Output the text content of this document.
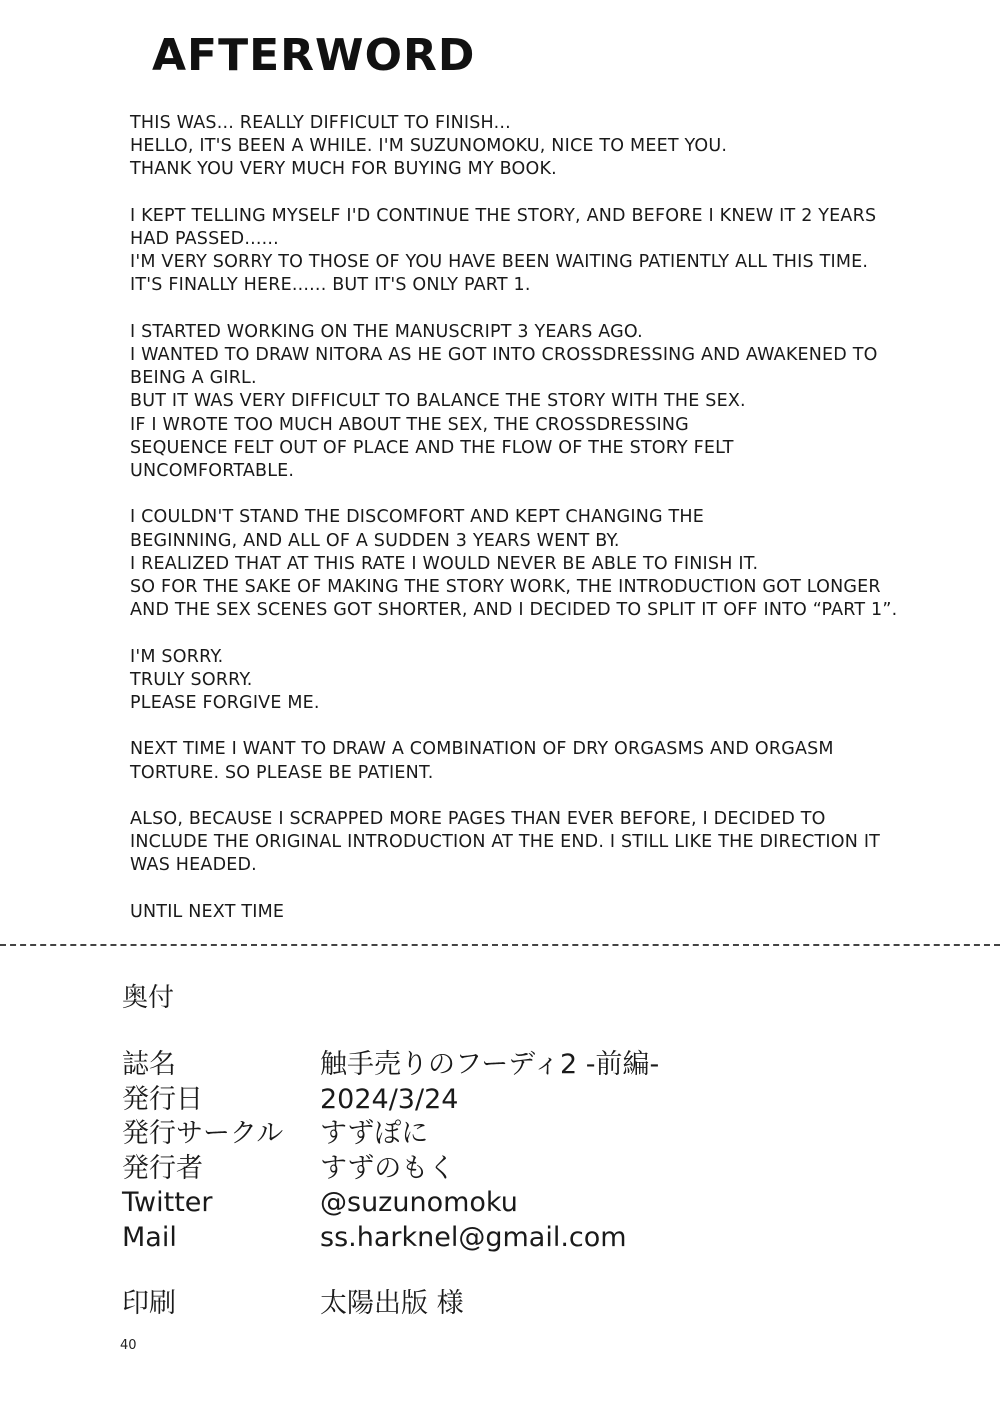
AFTERWORD

THIS WAS... REALLY DIFFICULT TO FINISH...
HELLO, IT'S BEEN A WHILE. I'M SUZUNOMOKU, NICE TO MEET YOU.
THANK YOU VERY MUCH FOR BUYING MY BOOK.

I KEPT TELLING MYSELF I'D CONTINUE THE STORY, AND BEFORE I KNEW IT 2 YEARS
HAD PASSED......
I'M VERY SORRY TO THOSE OF YOU HAVE BEEN WAITING PATIENTLY ALL THIS TIME.
IT'S FINALLY HERE...... BUT IT'S ONLY PART 1.

I STARTED WORKING ON THE MANUSCRIPT 3 YEARS AGO.
I WANTED TO DRAW NITORA AS HE GOT INTO CROSSDRESSING AND AWAKENED TO
BEING A GIRL.
BUT IT WAS VERY DIFFICULT TO BALANCE THE STORY WITH THE SEX.
IF I WROTE TOO MUCH ABOUT THE SEX, THE CROSSDRESSING
SEQUENCE FELT OUT OF PLACE AND THE FLOW OF THE STORY FELT
UNCOMFORTABLE.

I COULDN'T STAND THE DISCOMFORT AND KEPT CHANGING THE
BEGINNING, AND ALL OF A SUDDEN 3 YEARS WENT BY.
I REALIZED THAT AT THIS RATE I WOULD NEVER BE ABLE TO FINISH IT.
SO FOR THE SAKE OF MAKING THE STORY WORK, THE INTRODUCTION GOT LONGER
AND THE SEX SCENES GOT SHORTER, AND I DECIDED TO SPLIT IT OFF INTO “PART 1”.

I'M SORRY.
TRULY SORRY.
PLEASE FORGIVE ME.

NEXT TIME I WANT TO DRAW A COMBINATION OF DRY ORGASMS AND ORGASM
TORTURE. SO PLEASE BE PATIENT.

ALSO, BECAUSE I SCRAPPED MORE PAGES THAN EVER BEFORE, I DECIDED TO
INCLUDE THE ORIGINAL INTRODUCTION AT THE END. I STILL LIKE THE DIRECTION IT
WAS HEADED.

UNTIL NEXT TIME

奥付
誌名	触手売りのフーディ2 -前編-
発行日	2024/3/24
発行サークル	すずぽに
発行者	すずのもく
Twitter	@suzunomoku
Mail	ss.harknel@gmail.com
印刷	太陽出版 様
40
